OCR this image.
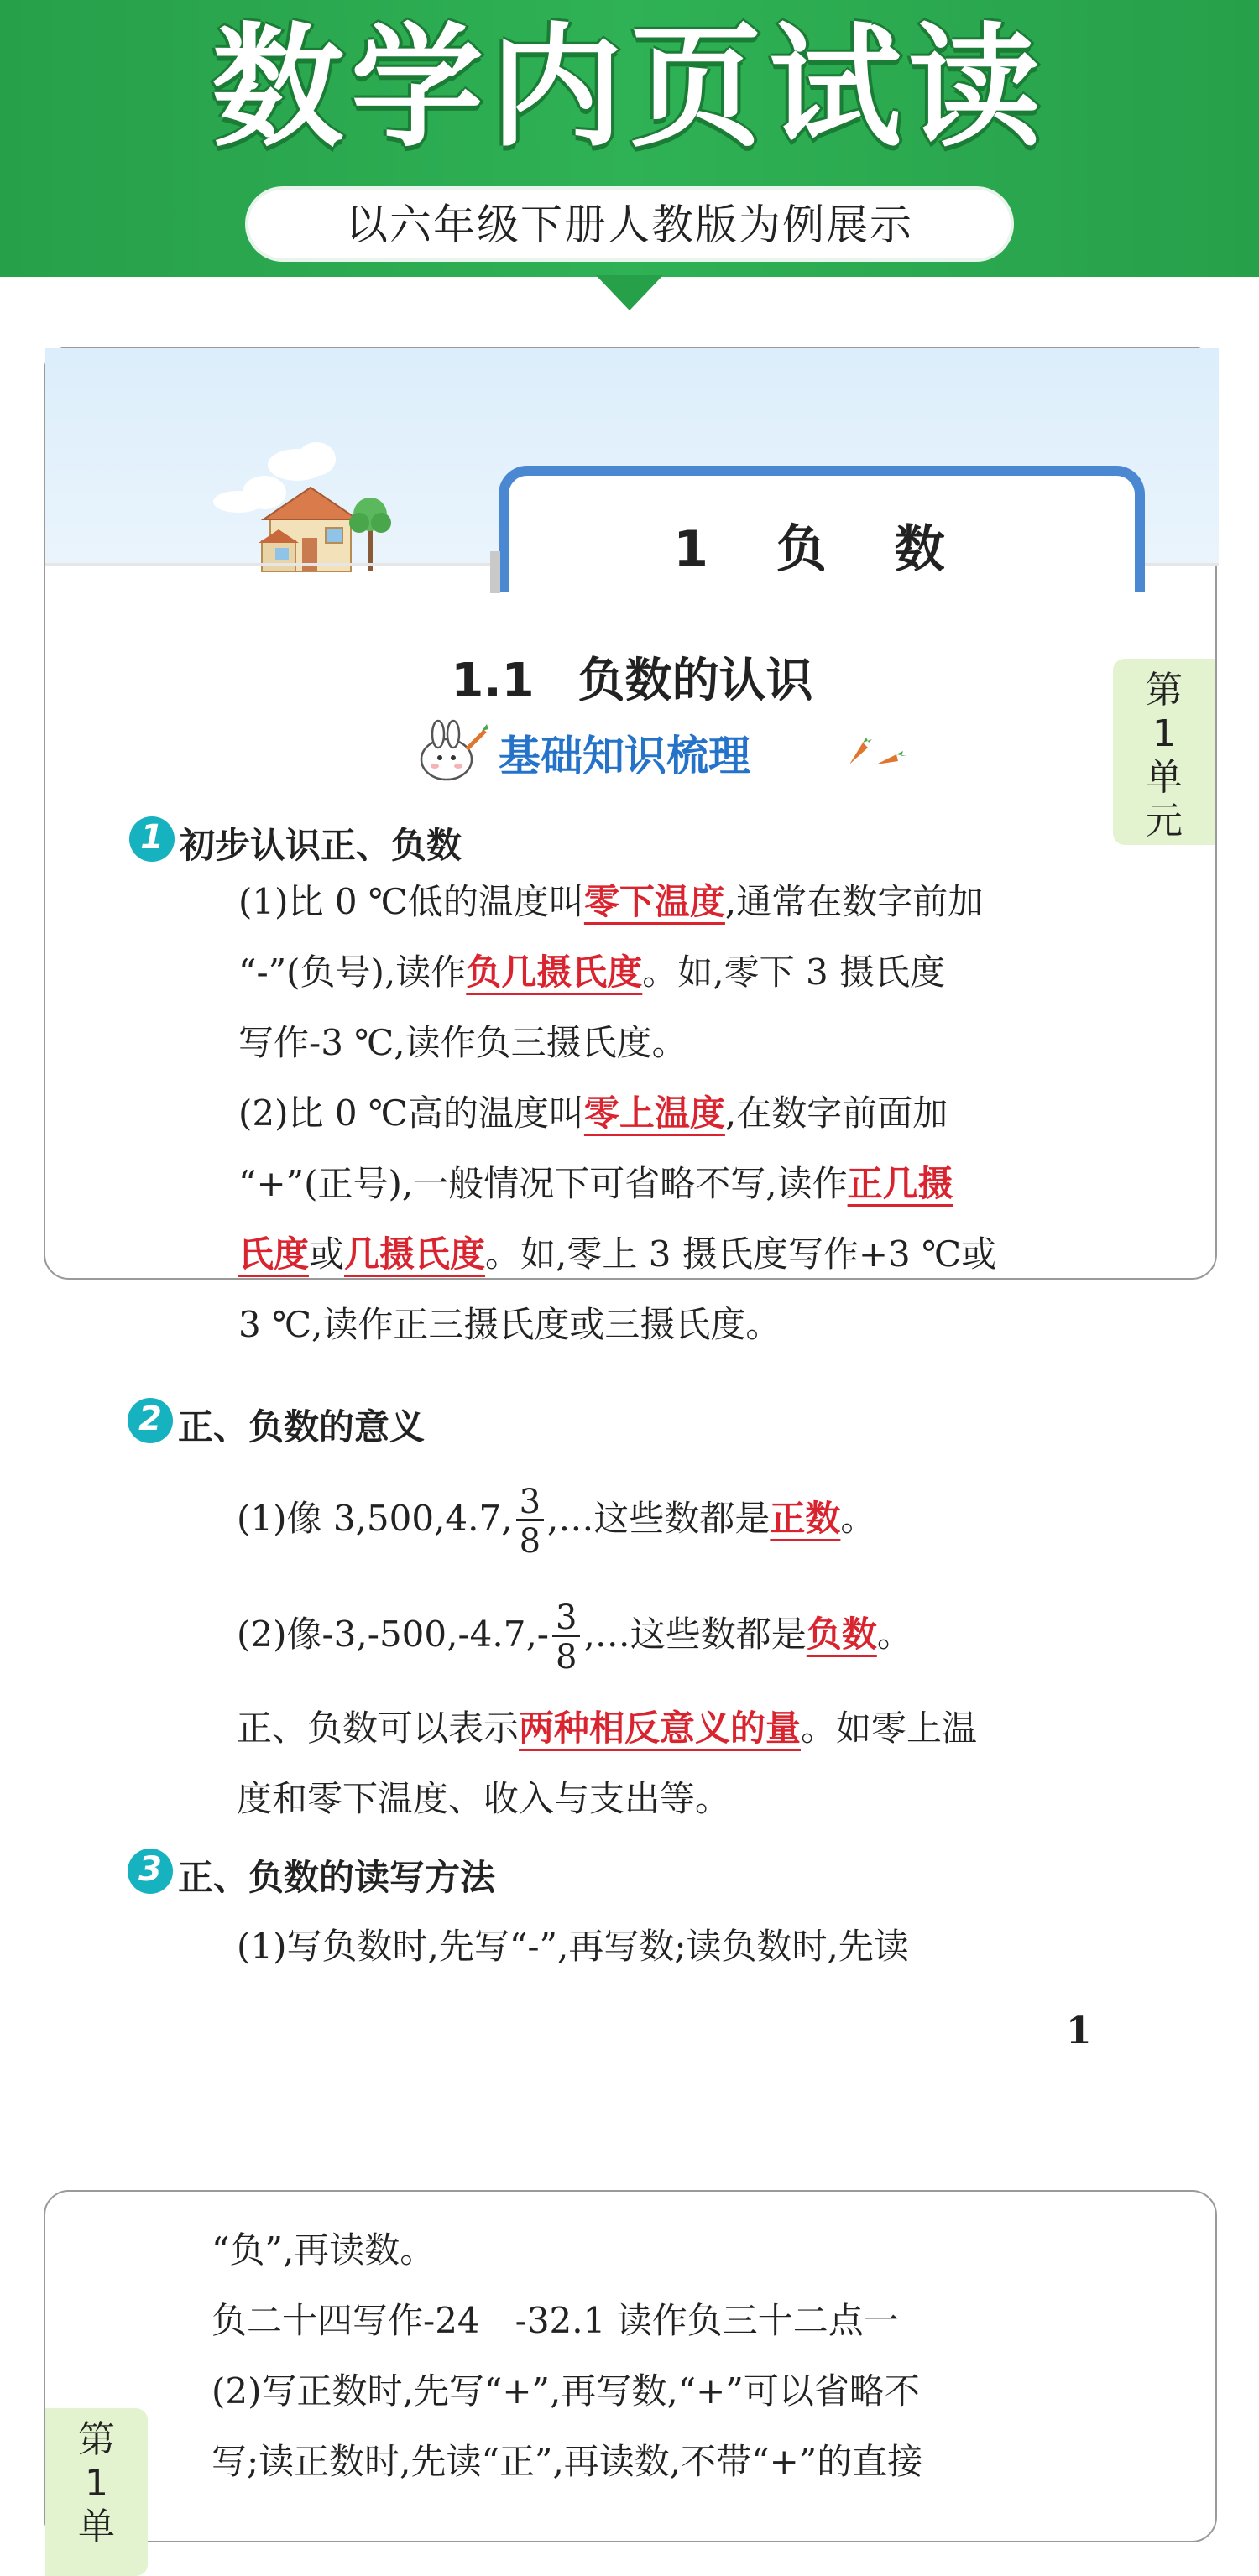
数学内页试读
以六年级下册人教版为例展示
1 负 数
第
1
单
元
1.1 负数的认识
基础知识梳理
1 初步认识正、负数
(1)比 0 ℃低的温度叫零下温度,通常在数字前加
“-”(负号),读作负几摄氏度。如,零下 3 摄氏度
写作-3 ℃,读作负三摄氏度。
(2)比 0 ℃高的温度叫零上温度,在数字前面加
“+”(正号),一般情况下可省略不写,读作正几摄
氏度或几摄氏度。如,零上 3 摄氏度写作+3 ℃或
3 ℃,读作正三摄氏度或三摄氏度。
2 正、负数的意义
(1)像 3,500,4.7, $\frac{3}{8}$ ,…这些数都是正数。
(2)像$-3,-500,-4.7,- \frac{3}{8}$ ,…这些数都是负数。
正、负数可以表示两种相反意义的量。如零上温
度和零下温度、收入与支出等。
3 正、负数的读写方法
(1)写负数时,先写“-”,再写数;读负数时,先读
1
第
1
单
“负”,再读数。
负二十四写作-24　-32.1 读作负三十二点一
(2)写正数时,先写“+”,再写数,“+”可以省略不
写;读正数时,先读“正”,再读数,不带“+”的直接
